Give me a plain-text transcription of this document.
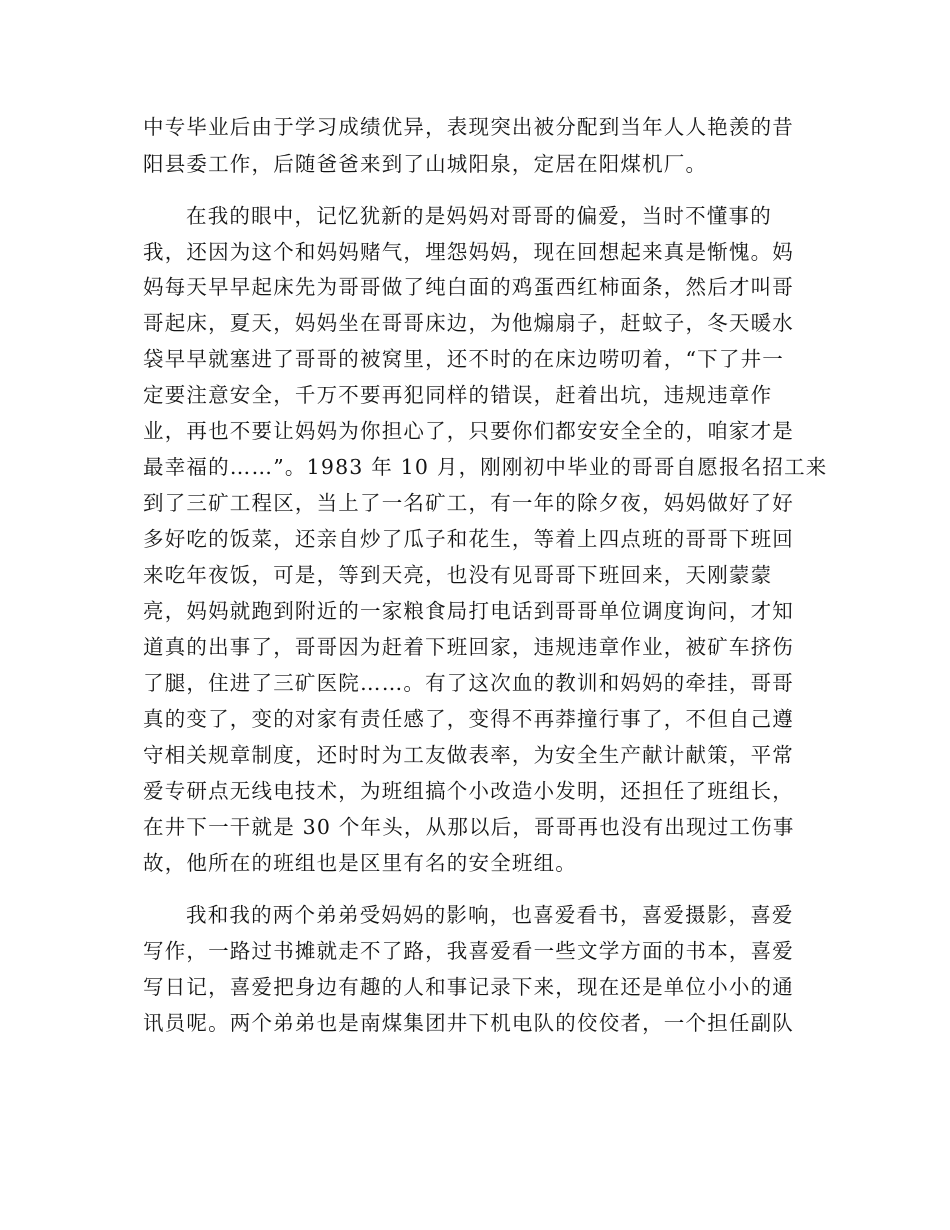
中专毕业后由于学习成绩优异，表现突出被分配到当年人人艳羡的昔
阳县委工作，后随爸爸来到了山城阳泉，定居在阳煤机厂。
在我的眼中，记忆犹新的是妈妈对哥哥的偏爱，当时不懂事的
我，还因为这个和妈妈赌气，埋怨妈妈，现在回想起来真是惭愧。妈
妈每天早早起床先为哥哥做了纯白面的鸡蛋西红柿面条，然后才叫哥
哥起床，夏天，妈妈坐在哥哥床边，为他煽扇子，赶蚊子，冬天暖水
袋早早就塞进了哥哥的被窝里，还不时的在床边唠叨着，“下了井一
定要注意安全，千万不要再犯同样的错误，赶着出坑，违规违章作
业，再也不要让妈妈为你担心了，只要你们都安安全全的，咱家才是
最幸福的……”。1983 年 10 月，刚刚初中毕业的哥哥自愿报名招工来
到了三矿工程区，当上了一名矿工，有一年的除夕夜，妈妈做好了好
多好吃的饭菜，还亲自炒了瓜子和花生，等着上四点班的哥哥下班回
来吃年夜饭，可是，等到天亮，也没有见哥哥下班回来，天刚蒙蒙
亮，妈妈就跑到附近的一家粮食局打电话到哥哥单位调度询问，才知
道真的出事了，哥哥因为赶着下班回家，违规违章作业，被矿车挤伤
了腿，住进了三矿医院……。有了这次血的教训和妈妈的牵挂，哥哥
真的变了，变的对家有责任感了，变得不再莽撞行事了，不但自己遵
守相关规章制度，还时时为工友做表率，为安全生产献计献策，平常
爱专研点无线电技术，为班组搞个小改造小发明，还担任了班组长，
在井下一干就是 30 个年头，从那以后，哥哥再也没有出现过工伤事
故，他所在的班组也是区里有名的安全班组。
我和我的两个弟弟受妈妈的影响，也喜爱看书，喜爱摄影，喜爱
写作，一路过书摊就走不了路，我喜爱看一些文学方面的书本，喜爱
写日记，喜爱把身边有趣的人和事记录下来，现在还是单位小小的通
讯员呢。两个弟弟也是南煤集团井下机电队的佼佼者，一个担任副队
